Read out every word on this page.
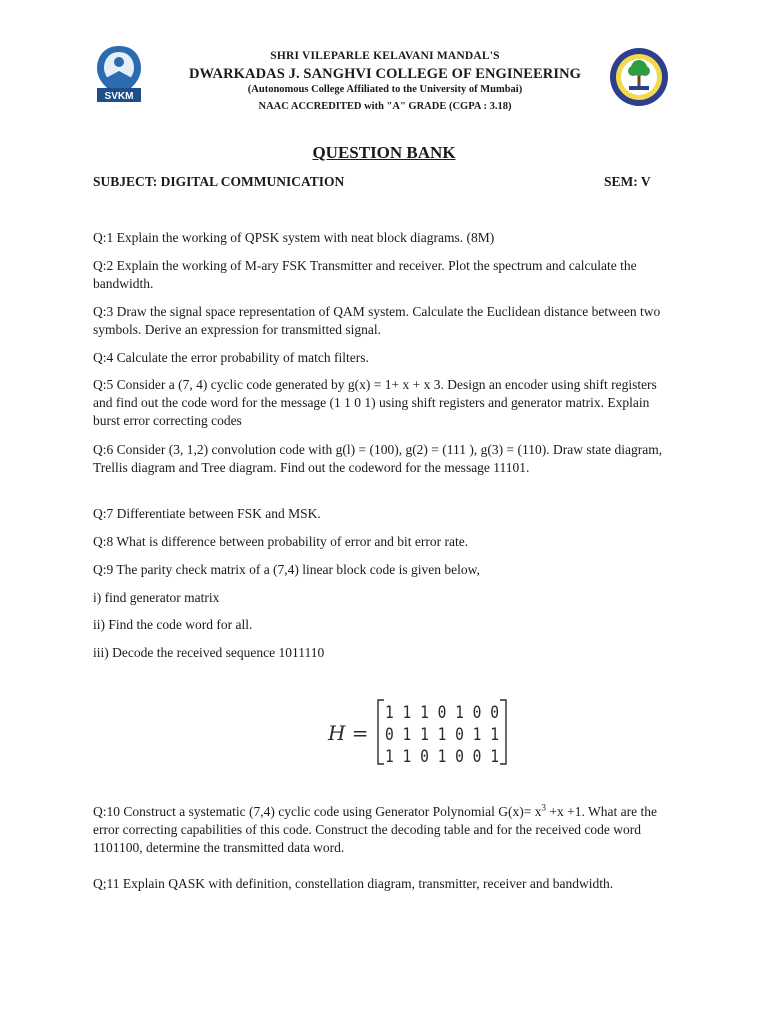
SVKM
SHRI VILEPARLE KELAVANI MANDAL'S
DWARKADAS J. SANGHVI COLLEGE OF ENGINEERING
(Autonomous College Affiliated to the University of Mumbai)
NAAC ACCREDITED with "A" GRADE (CGPA : 3.18)
QUESTION BANK
SUBJECT: DIGITAL COMMUNICATION	SEM: V
Q:1 Explain the working of QPSK system with neat block diagrams. (8M)
Q:2 Explain the working of M-ary FSK Transmitter and receiver. Plot the spectrum and calculate the bandwidth.
Q:3 Draw the signal space representation of QAM system. Calculate the Euclidean distance between two symbols. Derive an expression for transmitted signal.
Q:4 Calculate the error probability of match filters.
Q:5 Consider a (7, 4) cyclic code generated by g(x) = 1+ x + x 3. Design an encoder using shift registers and find out the code word for the message (1 1 0 1) using shift registers and generator matrix. Explain burst error correcting codes
Q:6 Consider (3, 1,2) convolution code with g(l) = (100), g(2) = (111 ), g(3) = (110). Draw state diagram, Trellis diagram and Tree diagram. Find out the codeword for the message 11101.
Q:7 Differentiate between FSK and MSK.
Q:8 What is difference between probability of error and bit error rate.
Q:9 The parity check matrix of a (7,4) linear block code is given below,
i) find generator matrix
ii) Find the code word for all.
iii) Decode the received sequence 1011110
H =
1 1 1 0 1 0 0
0 1 1 1 0 1 1
1 1 0 1 0 0 1
Q:10 Construct a systematic (7,4) cyclic code using Generator Polynomial $G(x)= x^3 +x +1$. What are the error correcting capabilities of this code. Construct the decoding table and for the received code word 1101100, determine the transmitted data word.
Q;11 Explain QASK with definition, constellation diagram, transmitter, receiver and bandwidth.
